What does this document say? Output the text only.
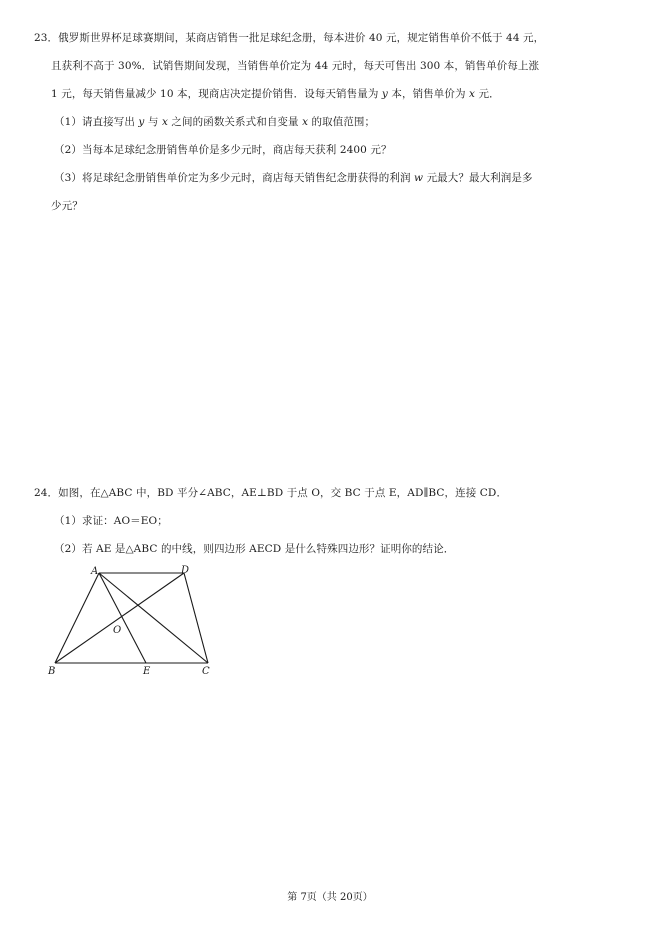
23．俄罗斯世界杯足球赛期间，某商店销售一批足球纪念册，每本进价 40 元，规定销售单价不低于 44 元，
且获利不高于 30%．试销售期间发现，当销售单价定为 44 元时，每天可售出 300 本，销售单价每上涨
1 元，每天销售量减少 10 本，现商店决定提价销售．设每天销售量为 y 本，销售单价为 x 元．
（1）请直接写出 y 与 x 之间的函数关系式和自变量 x 的取值范围；
（2）当每本足球纪念册销售单价是多少元时，商店每天获利 2400 元？
（3）将足球纪念册销售单价定为多少元时，商店每天销售纪念册获得的利润 w 元最大？最大利润是多
少元？
24．如图，在△ABC 中，BD 平分∠ABC，AE⊥BD 于点 O，交 BC 于点 E，AD∥BC，连接 CD．
（1）求证：AO＝EO；
（2）若 AE 是△ABC 的中线，则四边形 AECD 是什么特殊四边形？证明你的结论．
A	D
O
B	E	C
第 7页（共 20页）
